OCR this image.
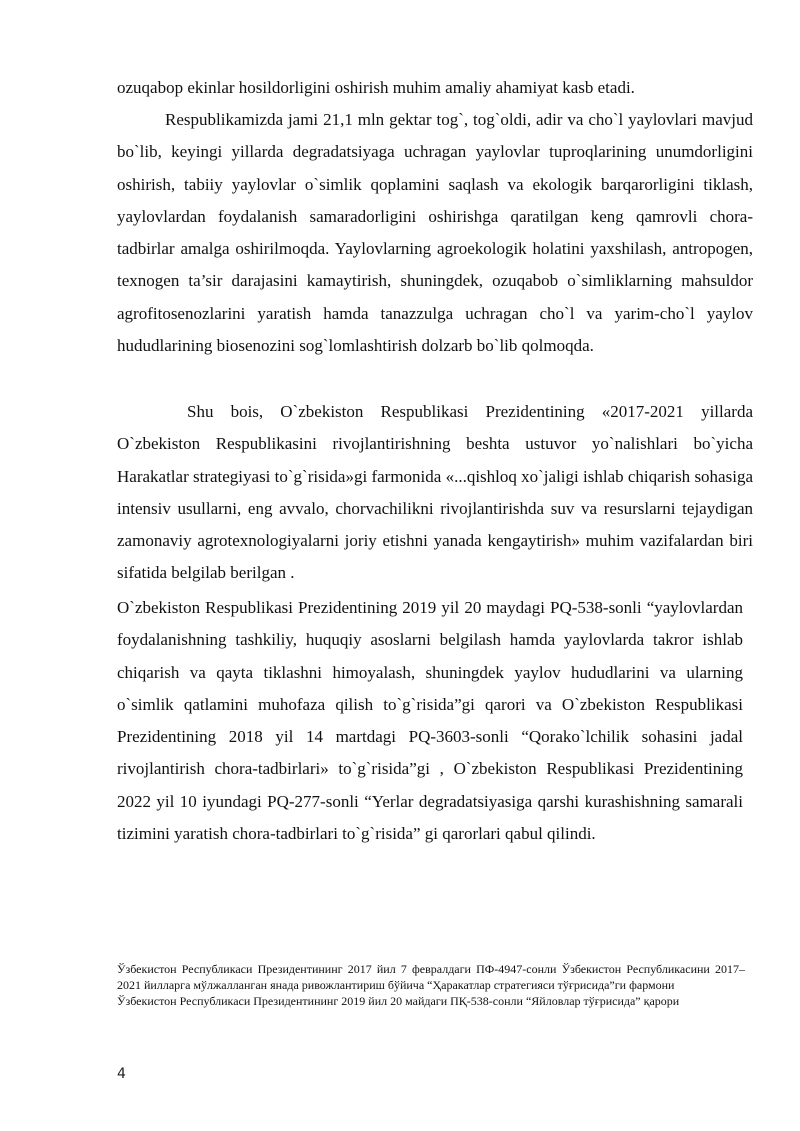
ozuqabop ekinlar hosildorligini oshirish muhim amaliy ahamiyat kasb etadi.

Respublikamizda jami 21,1 mln gektar tog`, tog`oldi, adir va cho`l yaylovlari mavjud bo`lib, keyingi yillarda degradatsiyaga uchragan yaylovlar tuproqlarining unumdorligini oshirish, tabiiy yaylovlar o`simlik qoplamini saqlash va ekologik barqarorligini tiklash, yaylovlardan foydalanish samaradorligini oshirishga qaratilgan keng qamrovli chora-tadbirlar amalga oshirilmoqda. Yaylovlarning agroekologik holatini yaxshilash, antropogen, texnogen ta’sir darajasini kamaytirish, shuningdek, ozuqabob o`simliklarning mahsuldor agrofitosenozlarini yaratish hamda tanazzulga uchragan cho`l va yarim-cho`l yaylov hududlarining biosenozini sog`lomlashtirish dolzarb bo`lib qolmoqda.

Shu bois, O`zbekiston Respublikasi Prezidentining «2017-2021 yillarda O`zbekiston Respublikasini rivojlantirishning beshta ustuvor yo`nalishlari bo`yicha Harakatlar strategiyasi to`g`risida»gi farmonida «...qishloq xo`jaligi ishlab chiqarish sohasiga intensiv usullarni, eng avvalo, chorvachilikni rivojlantirishda suv va resurslarni tejaydigan zamonaviy agrotexnologiyalarni joriy etishni yanada kengaytirish» muhim vazifalardan biri sifatida belgilab berilgan .

O`zbekiston Respublikasi Prezidentining 2019 yil 20 maydagi PQ-538-sonli “yaylovlardan foydalanishning tashkiliy, huquqiy asoslarni belgilash hamda yaylovlarda takror ishlab chiqarish va qayta tiklashni himoyalash, shuningdek yaylov hududlarini va ularning o`simlik qatlamini muhofaza qilish to`g`risida”gi qarori va O`zbekiston Respublikasi Prezidentining 2018 yil 14 martdagi PQ-3603-sonli “Qorako`lchilik sohasini jadal rivojlantirish chora-tadbirlari» to`g`risida”gi , O`zbekiston Respublikasi Prezidentining 2022 yil 10 iyundagi PQ-277-sonli “Yerlar degradatsiyasiga qarshi kurashishning samarali tizimini yaratish chora-tadbirlari to`g`risida” gi qarorlari qabul qilindi.

Ўзбекистон Республикаси Президентининг 2017 йил 7 февралдаги ПФ-4947-сонли Ўзбекистон Республикасини 2017–2021 йилларга мўлжалланган янада ривожлантириш бўйича “Ҳаракатлар стратегияси тўғрисида”ги фармони

Ўзбекистон Республикаси Президентининг 2019 йил 20 майдаги ПҚ-538-сонли “Яйловлар тўғрисида” қарори

4
